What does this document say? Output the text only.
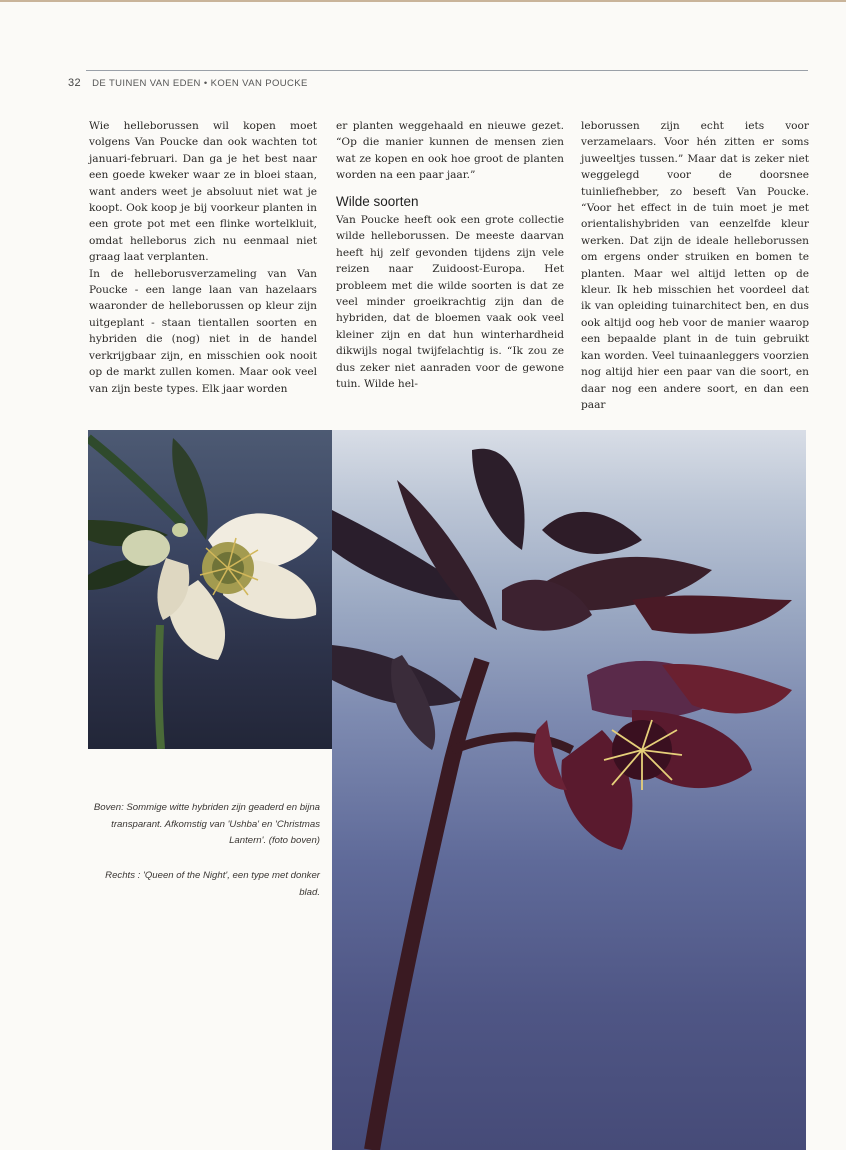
32 DE TUINEN VAN EDEN • KOEN VAN POUCKE

Wie helleborussen wil kopen moet volgens Van Poucke dan ook wachten tot januari-februari. Dan ga je het best naar een goede kweker waar ze in bloei staan, want anders weet je absoluut niet wat je koopt. Ook koop je bij voorkeur planten in een grote pot met een flinke wortelkluit, omdat helleborus zich nu eenmaal niet graag laat verplanten.

In de helleborusverzameling van Van Poucke - een lange laan van hazelaars waaronder de helleborussen op kleur zijn uitgeplant - staan tientallen soorten en hybriden die (nog) niet in de handel verkrijgbaar zijn, en misschien ook nooit op de markt zullen komen. Maar ook veel van zijn beste types. Elk jaar worden

er planten weggehaald en nieuwe gezet. “Op die manier kunnen de mensen zien wat ze kopen en ook hoe groot de planten worden na een paar jaar.”

Wilde soorten

Van Poucke heeft ook een grote collectie wilde helleborussen. De meeste daarvan heeft hij zelf gevonden tijdens zijn vele reizen naar Zuidoost-Europa. Het probleem met die wilde soorten is dat ze veel minder groeikrachtig zijn dan de hybriden, dat de bloemen vaak ook veel kleiner zijn en dat hun winterhardheid dikwijls nogal twijfelachtig is. “Ik zou ze dus zeker niet aanraden voor de gewone tuin. Wilde hel-

leborussen zijn echt iets voor verzamelaars. Voor hén zitten er soms juweeltjes tussen.” Maar dat is zeker niet weggelegd voor de doorsnee tuinliefhebber, zo beseft Van Poucke. “Voor het effect in de tuin moet je met orientalishybriden van eenzelfde kleur werken. Dat zijn de ideale helleborussen om ergens onder struiken en bomen te planten. Maar wel altijd letten op de kleur. Ik heb misschien het voordeel dat ik van opleiding tuinarchitect ben, en dus ook altijd oog heb voor de manier waarop een bepaalde plant in de tuin gebruikt kan worden. Veel tuinaanleggers voorzien nog altijd hier een paar van die soort, en daar nog een andere soort, en dan een paar

Boven: Sommige witte hybriden zijn geaderd en bijna transparant. Afkomstig van 'Ushba' en 'Christmas Lantern'. (foto boven)
Rechts : 'Queen of the Night', een type met donker blad.
